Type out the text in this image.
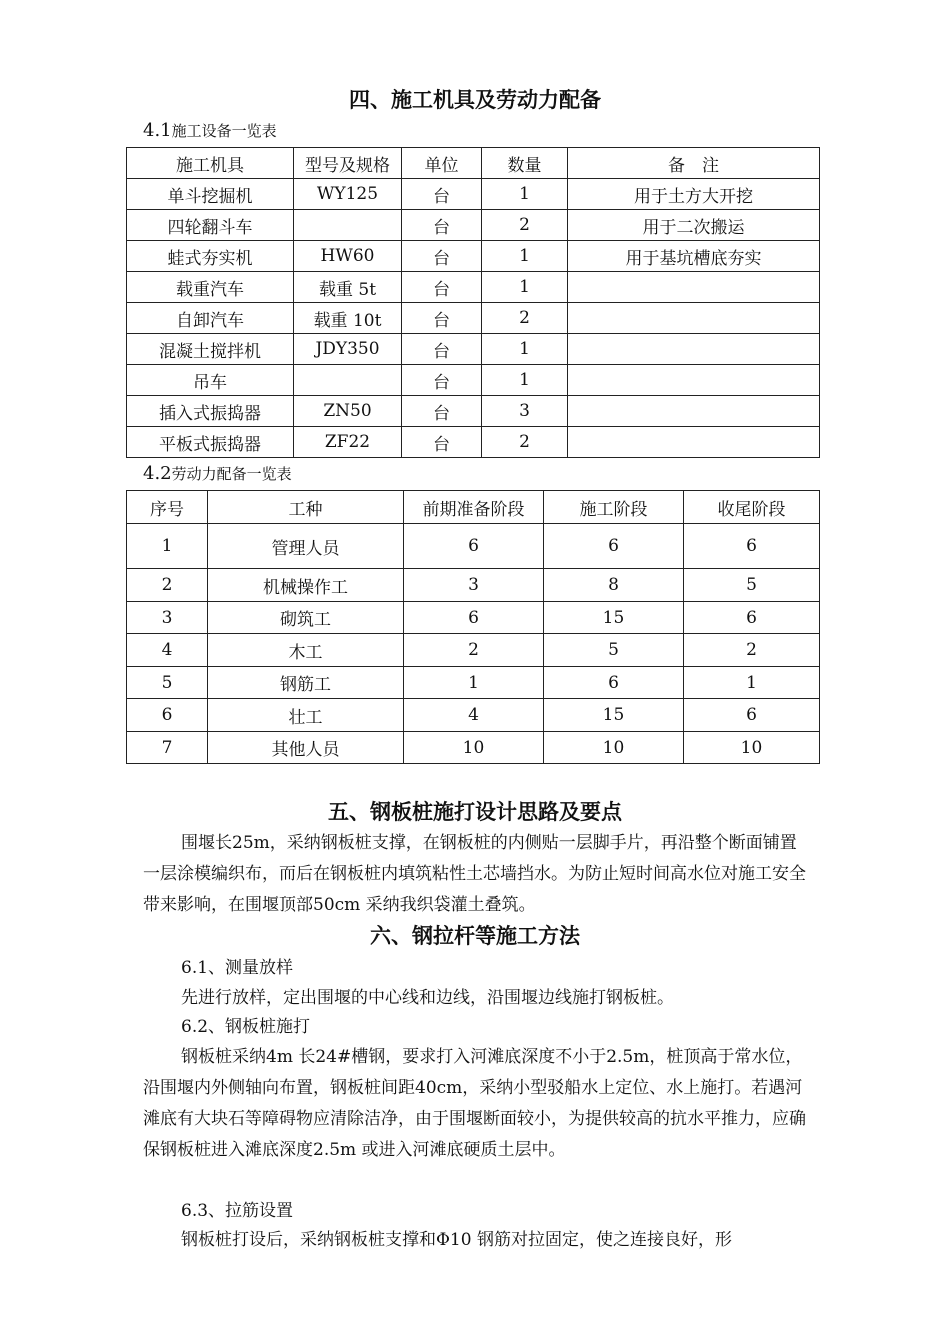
四、施工机具及劳动力配备
4.1施工设备一览表
施工机具	型号及规格	单位	数量	备　注
单斗挖掘机	WY125	台	1	用于土方大开挖
四轮翻斗车		台	2	用于二次搬运
蛙式夯实机	HW60	台	1	用于基坑槽底夯实
载重汽车	载重 5t	台	1	
自卸汽车	载重 10t	台	2	
混凝土搅拌机	JDY350	台	1	
吊车		台	1	
插入式振捣器	ZN50	台	3	
平板式振捣器	ZF22	台	2	
4.2劳动力配备一览表
序号	工种	前期准备阶段	施工阶段	收尾阶段
1	管理人员	6	6	6
2	机械操作工	3	8	5
3	砌筑工	6	15	6
4	木工	2	5	2
5	钢筋工	1	6	1
6	壮工	4	15	6
7	其他人员	10	10	10
五、钢板桩施打设计思路及要点

围堰长25m，采纳钢板桩支撑，在钢板桩的内侧贴一层脚手片，再沿整个断面铺置一层涂模编织布，而后在钢板桩内填筑粘性土芯墙挡水。为防止短时间高水位对施工安全带来影响，在围堰顶部50cm 采纳我织袋灌土叠筑。

六、钢拉杆等施工方法
6.1、测量放样

先进行放样，定出围堰的中心线和边线，沿围堰边线施打钢板桩。

6.2、钢板桩施打

钢板桩采纳4m 长24#槽钢，要求打入河滩底深度不小于2.5m，桩顶高于常水位，沿围堰内外侧轴向布置，钢板桩间距40cm，采纳小型驳船水上定位、水上施打。若遇河滩底有大块石等障碍物应清除洁净，由于围堰断面较小，为提供较高的抗水平推力，应确保钢板桩进入滩底深度2.5m 或进入河滩底硬质土层中。

6.3、拉筋设置

钢板桩打设后，采纳钢板桩支撑和Φ10 钢筋对拉固定，使之连接良好，形
